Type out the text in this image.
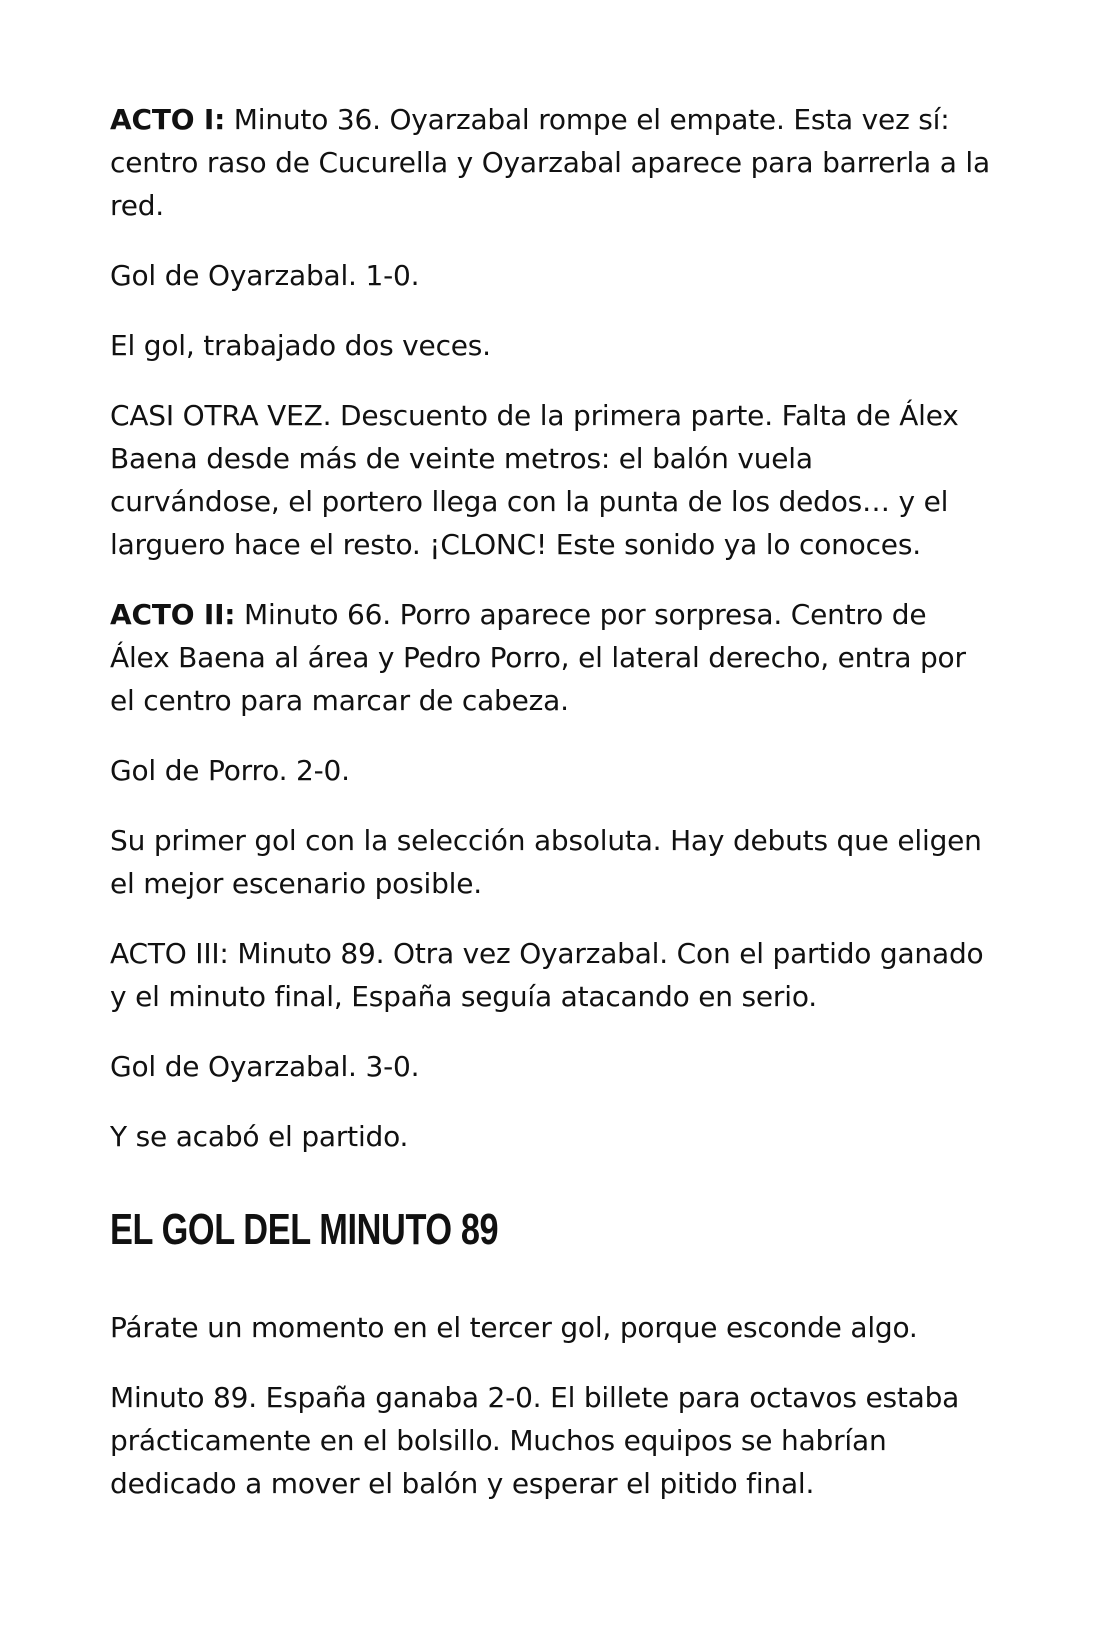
ACTO I: Minuto 36. Oyarzabal rompe el empate. Esta vez sí: centro raso de Cucurella y Oyarzabal aparece para barrerla a la red.

Gol de Oyarzabal. 1-0.

El gol, trabajado dos veces.

CASI OTRA VEZ. Descuento de la primera parte. Falta de Álex Baena desde más de veinte metros: el balón vuela curvándose, el portero llega con la punta de los dedos… y el larguero hace el resto. ¡CLONC! Este sonido ya lo conoces.

ACTO II: Minuto 66. Porro aparece por sorpresa. Centro de Álex Baena al área y Pedro Porro, el lateral derecho, entra por el centro para marcar de cabeza.

Gol de Porro. 2-0.

Su primer gol con la selección absoluta. Hay debuts que eligen el mejor escenario posible.

ACTO III: Minuto 89. Otra vez Oyarzabal. Con el partido ganado y el minuto final, España seguía atacando en serio.

Gol de Oyarzabal. 3-0.

Y se acabó el partido.

EL GOL DEL MINUTO 89

Párate un momento en el tercer gol, porque esconde algo.

Minuto 89. España ganaba 2-0. El billete para octavos estaba prácticamente en el bolsillo. Muchos equipos se habrían dedicado a mover el balón y esperar el pitido final.
